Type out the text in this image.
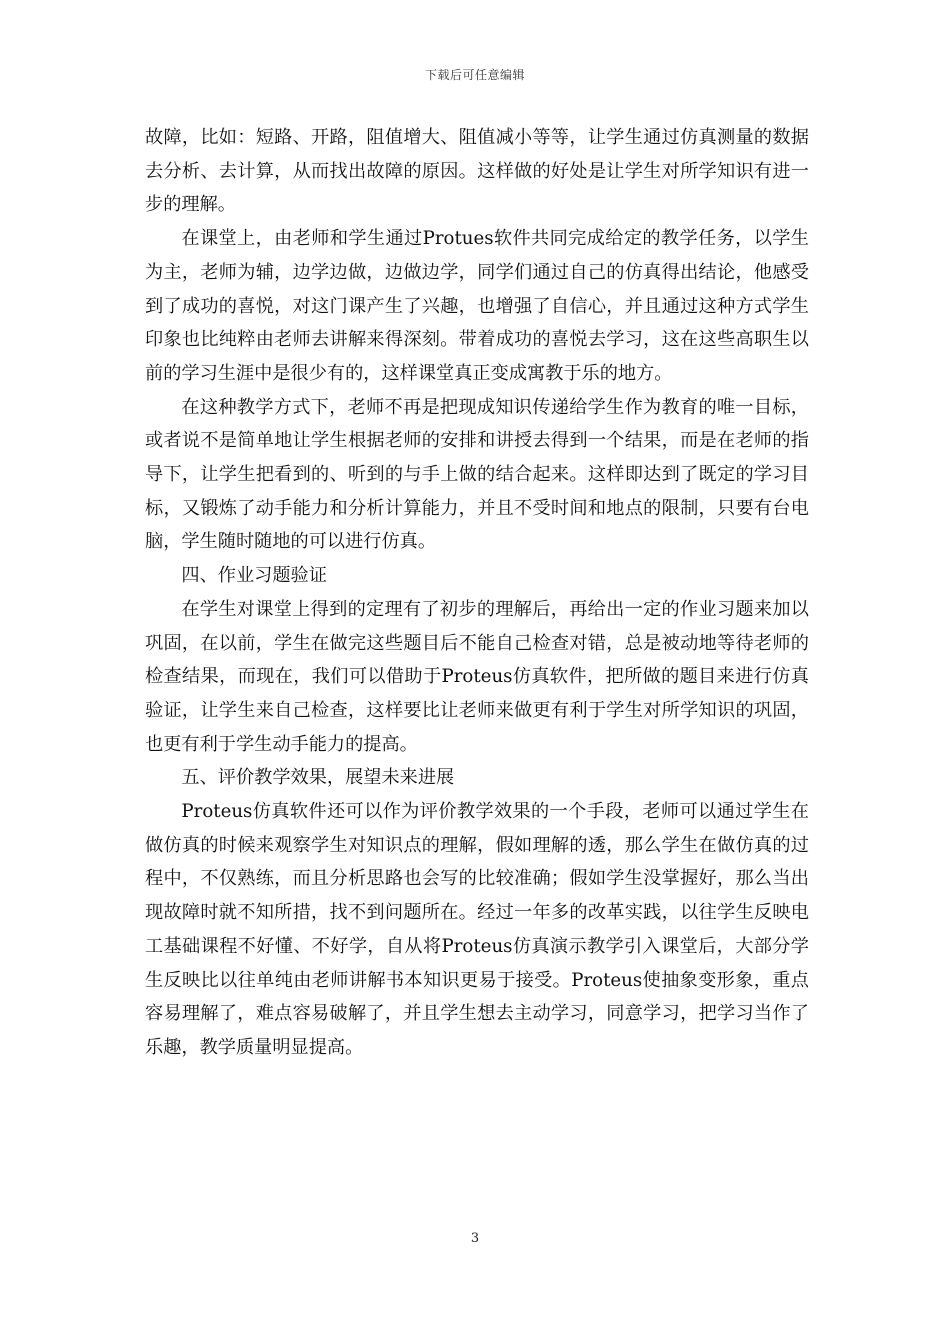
下载后可任意编辑

故障，比如：短路、开路，阻值增大、阻值减小等等，让学生通过仿真测量的数据去分析、去计算，从而找出故障的原因。这样做的好处是让学生对所学知识有进一步的理解。

在课堂上，由老师和学生通过Protues软件共同完成给定的教学任务，以学生为主，老师为辅，边学边做，边做边学，同学们通过自己的仿真得出结论，他感受到了成功的喜悦，对这门课产生了兴趣，也增强了自信心，并且通过这种方式学生印象也比纯粹由老师去讲解来得深刻。带着成功的喜悦去学习，这在这些高职生以前的学习生涯中是很少有的，这样课堂真正变成寓教于乐的地方。

在这种教学方式下，老师不再是把现成知识传递给学生作为教育的唯一目标，或者说不是简单地让学生根据老师的安排和讲授去得到一个结果，而是在老师的指导下，让学生把看到的、听到的与手上做的结合起来。这样即达到了既定的学习目标，又锻炼了动手能力和分析计算能力，并且不受时间和地点的限制，只要有台电脑，学生随时随地的可以进行仿真。

四、作业习题验证

在学生对课堂上得到的定理有了初步的理解后，再给出一定的作业习题来加以巩固，在以前，学生在做完这些题目后不能自己检查对错，总是被动地等待老师的检查结果，而现在，我们可以借助于Proteus仿真软件，把所做的题目来进行仿真验证，让学生来自己检查，这样要比让老师来做更有利于学生对所学知识的巩固，也更有利于学生动手能力的提高。

五、评价教学效果，展望未来进展

Proteus仿真软件还可以作为评价教学效果的一个手段，老师可以通过学生在做仿真的时候来观察学生对知识点的理解，假如理解的透，那么学生在做仿真的过程中，不仅熟练，而且分析思路也会写的比较准确；假如学生没掌握好，那么当出现故障时就不知所措，找不到问题所在。经过一年多的改革实践，以往学生反映电工基础课程不好懂、不好学，自从将Proteus仿真演示教学引入课堂后，大部分学生反映比以往单纯由老师讲解书本知识更易于接受。Proteus使抽象变形象，重点容易理解了，难点容易破解了，并且学生想去主动学习，同意学习，把学习当作了乐趣，教学质量明显提高。

3
